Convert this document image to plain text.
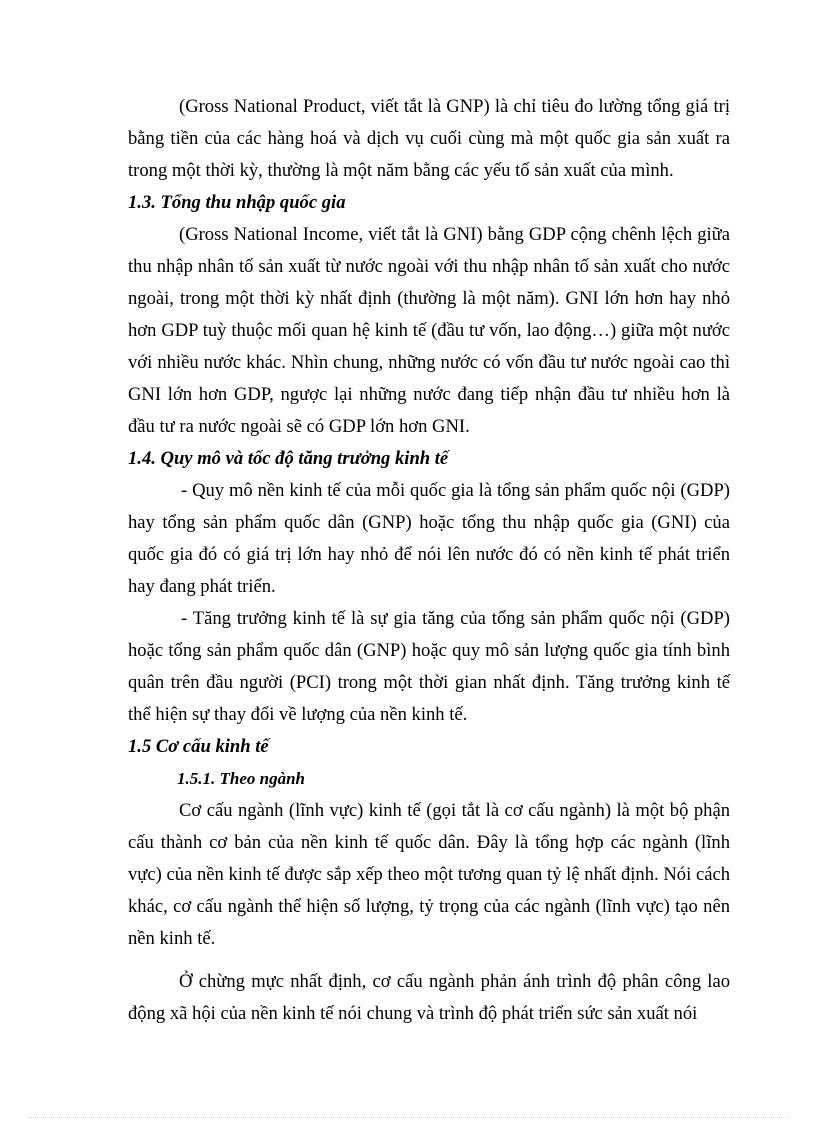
(Gross National Product, viết tắt là GNP) là chỉ tiêu đo lường tổng giá trị bằng tiền của các hàng hoá và dịch vụ cuối cùng mà một quốc gia sản xuất ra trong một thời kỳ, thường là một năm bằng các yếu tố sản xuất của mình.

1.3. Tổng thu nhập quốc gia

(Gross National Income, viết tắt là GNI) bằng GDP cộng chênh lệch giữa thu nhập nhân tố sản xuất từ nước ngoài với thu nhập nhân tố sản xuất cho nước ngoài, trong một thời kỳ nhất định (thường là một năm). GNI lớn hơn hay nhỏ hơn GDP tuỳ thuộc mối quan hệ kinh tế (đầu tư vốn, lao động…) giữa một nước với nhiều nước khác. Nhìn chung, những nước có vốn đầu tư nước ngoài cao thì GNI lớn hơn GDP, ngược lại những nước đang tiếp nhận đầu tư nhiều hơn là đầu tư ra nước ngoài sẽ có GDP lớn hơn GNI.

1.4. Quy mô và tốc độ tăng trưởng kinh tế

- Quy mô nền kinh tế của mỗi quốc gia là tổng sản phẩm quốc nội (GDP) hay tổng sản phẩm quốc dân (GNP) hoặc tổng thu nhập quốc gia (GNI) của quốc gia đó có giá trị lớn hay nhỏ để nói lên nước đó có nền kinh tế phát triển hay đang phát triển.

- Tăng trưởng kinh tế là sự gia tăng của tổng sản phẩm quốc nội (GDP) hoặc tổng sản phẩm quốc dân (GNP) hoặc quy mô sản lượng quốc gia tính bình quân trên đầu người (PCI) trong một thời gian nhất định. Tăng trưởng kinh tế thể hiện sự thay đổi về lượng của nền kinh tế.

1.5 Cơ cấu kinh tế
1.5.1. Theo ngành

Cơ cấu ngành (lĩnh vực) kinh tế (gọi tắt là cơ cấu ngành) là một bộ phận cấu thành cơ bản của nền kinh tế quốc dân. Đây là tổng hợp các ngành (lĩnh vực) của nền kinh tế được sắp xếp theo một tương quan tỷ lệ nhất định. Nói cách khác, cơ cấu ngành thể hiện số lượng, tỷ trọng của các ngành (lĩnh vực) tạo nên nền kinh tế.

Ở chừng mực nhất định, cơ cấu ngành phản ánh trình độ phân công lao động xã hội của nền kinh tế nói chung và trình độ phát triển sức sản xuất nói
